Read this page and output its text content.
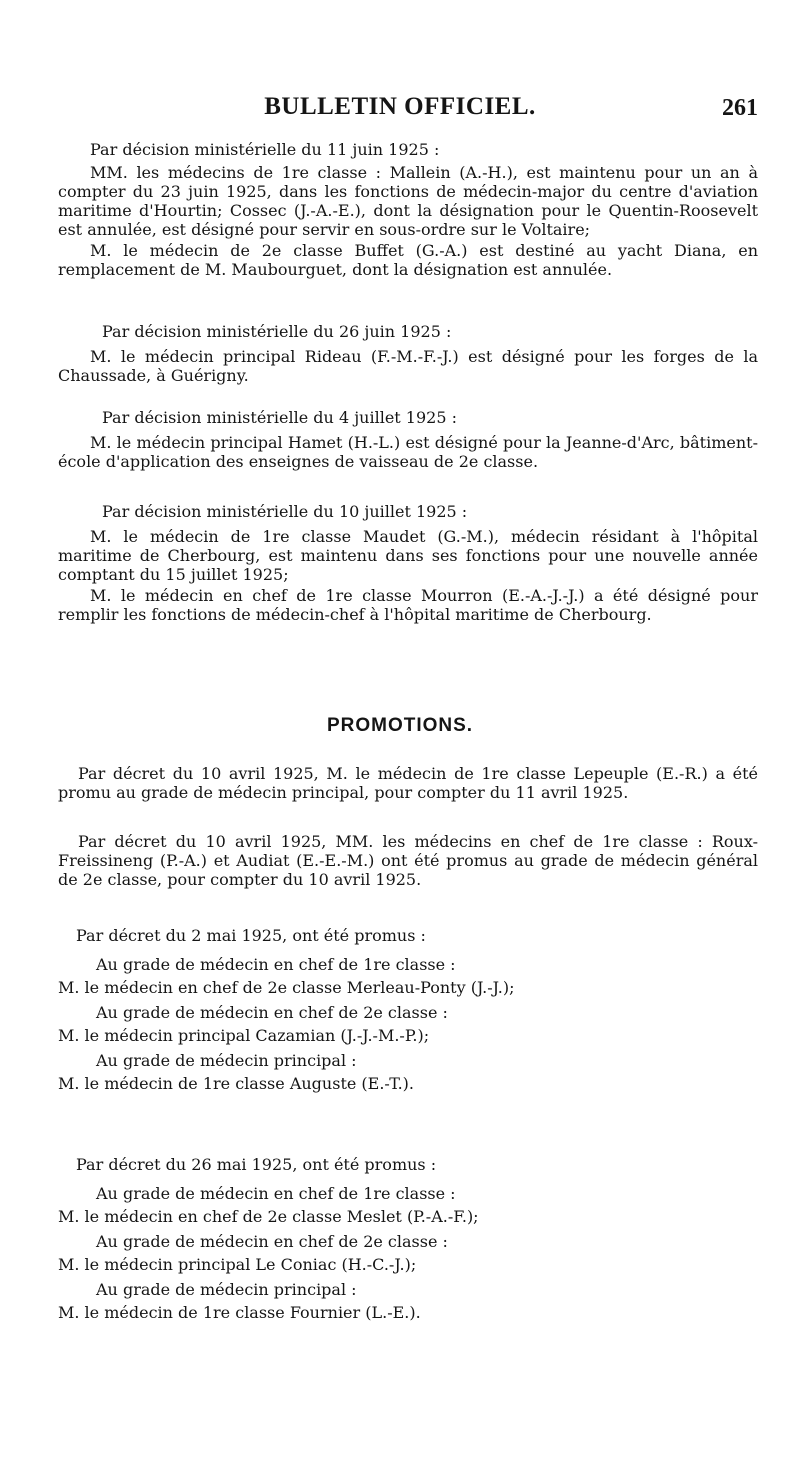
BULLETIN OFFICIEL.	261

Par décision ministérielle du 11 juin 1925 :

MM. les médecins de 1re classe : Mallein (A.-H.), est maintenu pour un an à compter du 23 juin 1925, dans les fonctions de médecin-major du centre d'aviation maritime d'Hourtin; Cossec (J.-A.-E.), dont la désignation pour le Quentin-Roosevelt est annulée, est désigné pour servir en sous-ordre sur le Voltaire;

M. le médecin de 2e classe Buffet (G.-A.) est destiné au yacht Diana, en remplacement de M. Maubourguet, dont la désignation est annulée.

Par décision ministérielle du 26 juin 1925 :

M. le médecin principal Rideau (F.-M.-F.-J.) est désigné pour les forges de la Chaussade, à Guérigny.

Par décision ministérielle du 4 juillet 1925 :

M. le médecin principal Hamet (H.-L.) est désigné pour la Jeanne-d'Arc, bâtiment-école d'application des enseignes de vaisseau de 2e classe.

Par décision ministérielle du 10 juillet 1925 :

M. le médecin de 1re classe Maudet (G.-M.), médecin résidant à l'hôpital maritime de Cherbourg, est maintenu dans ses fonctions pour une nouvelle année comptant du 15 juillet 1925;

M. le médecin en chef de 1re classe Mourron (E.-A.-J.-J.) a été désigné pour remplir les fonctions de médecin-chef à l'hôpital maritime de Cherbourg.

PROMOTIONS.

Par décret du 10 avril 1925, M. le médecin de 1re classe Lepeuple (E.-R.) a été promu au grade de médecin principal, pour compter du 11 avril 1925.

Par décret du 10 avril 1925, MM. les médecins en chef de 1re classe : Roux-Freissineng (P.-A.) et Audiat (E.-E.-M.) ont été promus au grade de médecin général de 2e classe, pour compter du 10 avril 1925.

Par décret du 2 mai 1925, ont été promus :

Au grade de médecin en chef de 1re classe :

M. le médecin en chef de 2e classe Merleau-Ponty (J.-J.);

Au grade de médecin en chef de 2e classe :

M. le médecin principal Cazamian (J.-J.-M.-P.);

Au grade de médecin principal :

M. le médecin de 1re classe Auguste (E.-T.).

Par décret du 26 mai 1925, ont été promus :

Au grade de médecin en chef de 1re classe :

M. le médecin en chef de 2e classe Meslet (P.-A.-F.);

Au grade de médecin en chef de 2e classe :

M. le médecin principal Le Coniac (H.-C.-J.);

Au grade de médecin principal :

M. le médecin de 1re classe Fournier (L.-E.).
